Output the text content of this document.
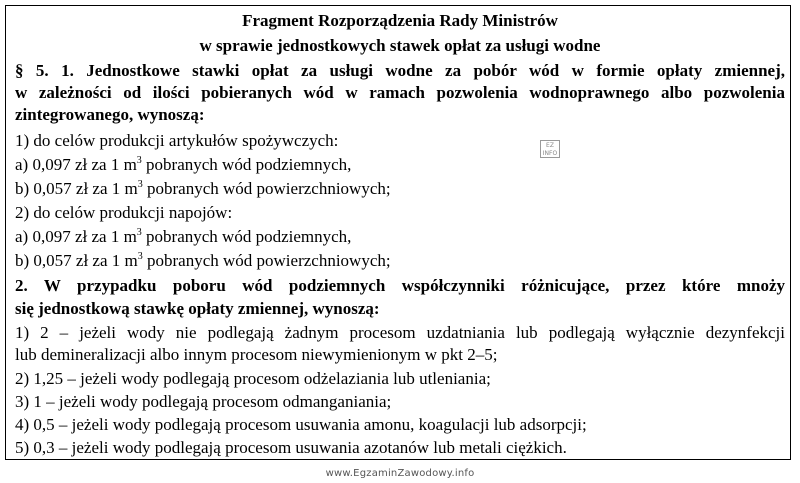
Fragment Rozporządzenia Rady Ministrów
w sprawie jednostkowych stawek opłat za usługi wodne
§ 5. 1. Jednostkowe stawki opłat za usługi wodne za pobór wód w formie opłaty zmiennej,
w zależności od ilości pobieranych wód w ramach pozwolenia wodnoprawnego albo pozwolenia
zintegrowanego, wynoszą:
1) do celów produkcji artykułów spożywczych:
a) 0,097 zł za 1 $m^3$ pobranych wód podziemnych,
b) 0,057 zł za 1 $m^3$ pobranych wód powierzchniowych;
2) do celów produkcji napojów:
a) 0,097 zł za 1 $m^3$ pobranych wód podziemnych,
b) 0,057 zł za 1 $m^3$ pobranych wód powierzchniowych;
2. W przypadku poboru wód podziemnych współczynniki różnicujące, przez które mnoży
się jednostkową stawkę opłaty zmiennej, wynoszą:
1) 2 – jeżeli wody nie podlegają żadnym procesom uzdatniania lub podlegają wyłącznie dezynfekcji
lub demineralizacji albo innym procesom niewymienionym w pkt 2–5;
2) 1,25 – jeżeli wody podlegają procesom odżelaziania lub utleniania;
3) 1 – jeżeli wody podlegają procesom odmanganiania;
4) 0,5 – jeżeli wody podlegają procesom usuwania amonu, koagulacji lub adsorpcji;
5) 0,3 – jeżeli wody podlegają procesom usuwania azotanów lub metali ciężkich.
EZ
INFO
www.EgzaminZawodowy.info
